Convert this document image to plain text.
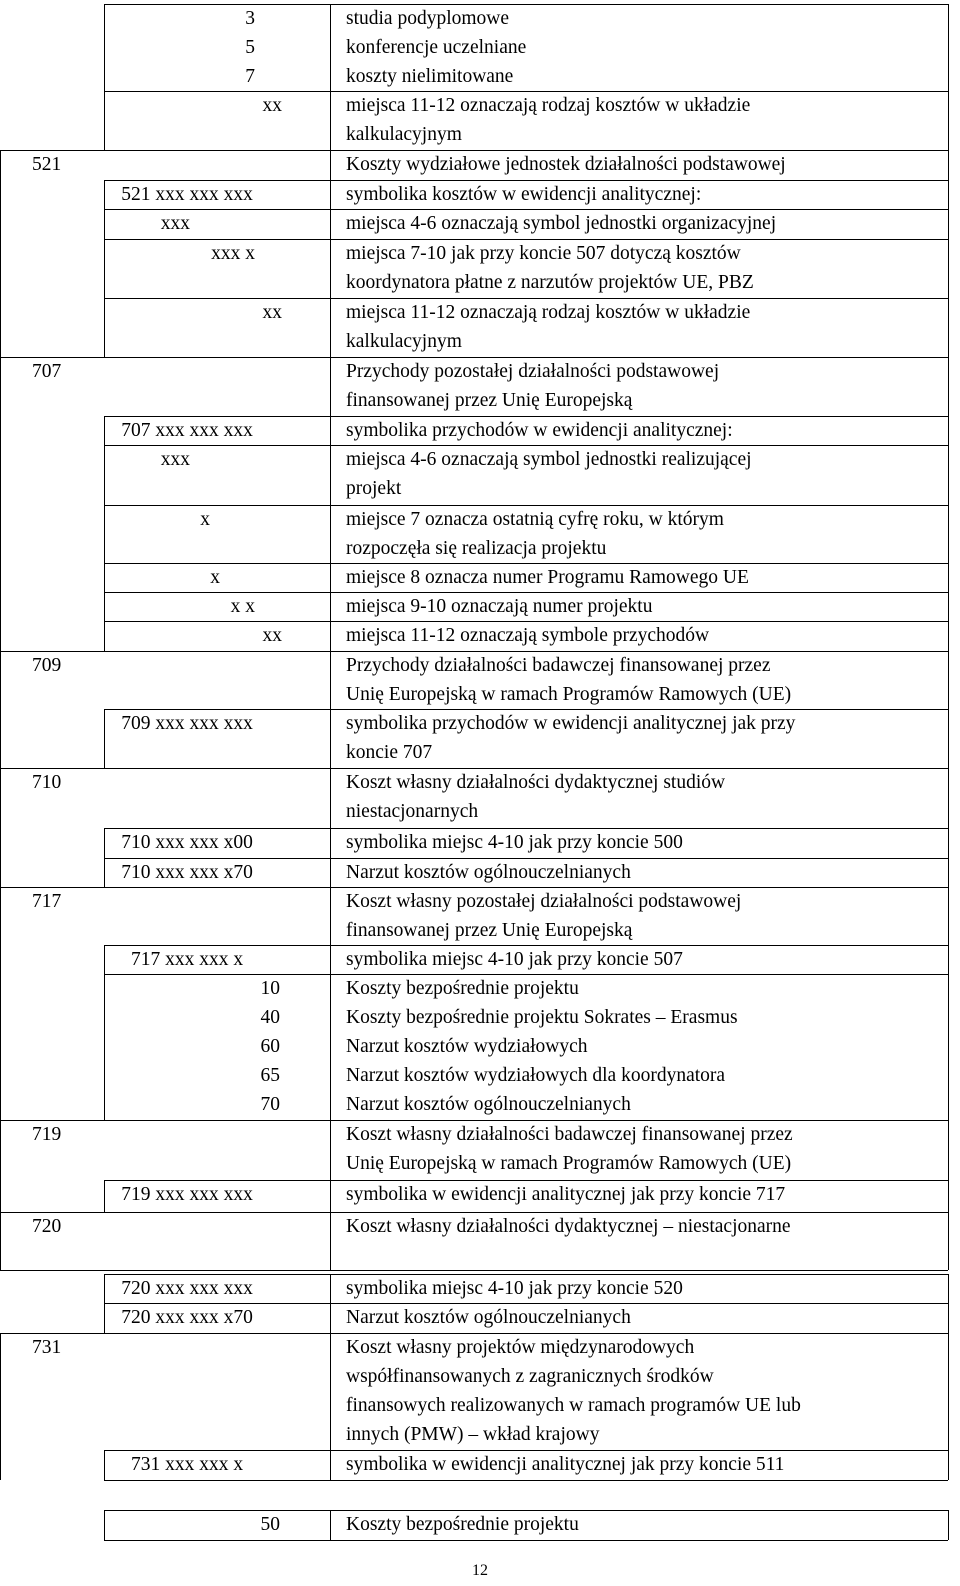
3	studia podyplomowe
5	konferencje uczelniane
7	koszty nielimitowane
xx	miejsca 11-12 oznaczają rodzaj kosztów w układzie
kalkulacyjnym
521	Koszty wydziałowe jednostek działalności podstawowej
521 xxx xxx xxx	symbolika kosztów w ewidencji analitycznej:
xxx	miejsca 4-6 oznaczają symbol jednostki organizacyjnej
xxx x	miejsca 7-10 jak przy koncie 507 dotyczą kosztów
koordynatora płatne z narzutów projektów UE, PBZ
xx	miejsca 11-12 oznaczają rodzaj kosztów w układzie
kalkulacyjnym
707	Przychody pozostałej działalności podstawowej
finansowanej przez Unię Europejską
707 xxx xxx xxx	symbolika przychodów w ewidencji analitycznej:
xxx	miejsca 4-6 oznaczają symbol jednostki realizującej
projekt
x	miejsce 7 oznacza ostatnią cyfrę roku, w którym
rozpoczęła się realizacja projektu
x	miejsce 8 oznacza numer Programu Ramowego UE
x x	miejsca 9-10 oznaczają numer projektu
xx	miejsca 11-12 oznaczają symbole przychodów
709	Przychody działalności badawczej finansowanej przez
Unię Europejską w ramach Programów Ramowych (UE)
709 xxx xxx xxx	symbolika przychodów w ewidencji analitycznej jak przy
koncie 707
710	Koszt własny działalności dydaktycznej studiów
niestacjonarnych
710 xxx xxx x00	symbolika miejsc 4-10 jak przy koncie 500
710 xxx xxx x70	Narzut kosztów ogólnouczelnianych
717	Koszt własny pozostałej działalności podstawowej
finansowanej przez Unię Europejską
717 xxx xxx x	symbolika miejsc 4-10 jak przy koncie 507
10	Koszty bezpośrednie projektu
40	Koszty bezpośrednie projektu Sokrates – Erasmus
60	Narzut kosztów wydziałowych
65	Narzut kosztów wydziałowych dla koordynatora
70	Narzut kosztów ogólnouczelnianych
719	Koszt własny działalności badawczej finansowanej przez
Unię Europejską w ramach Programów Ramowych (UE)
719 xxx xxx xxx	symbolika w ewidencji analitycznej jak przy koncie 717
720	Koszt własny działalności dydaktycznej – niestacjonarne
720 xxx xxx xxx	symbolika miejsc 4-10 jak przy koncie 520
720 xxx xxx x70	Narzut kosztów ogólnouczelnianych
731	Koszt własny projektów międzynarodowych
współfinansowanych z zagranicznych środków
finansowych realizowanych w ramach programów UE lub
innych (PMW) – wkład krajowy
731 xxx xxx x	symbolika w ewidencji analitycznej jak przy koncie 511
50	Koszty bezpośrednie projektu
12
